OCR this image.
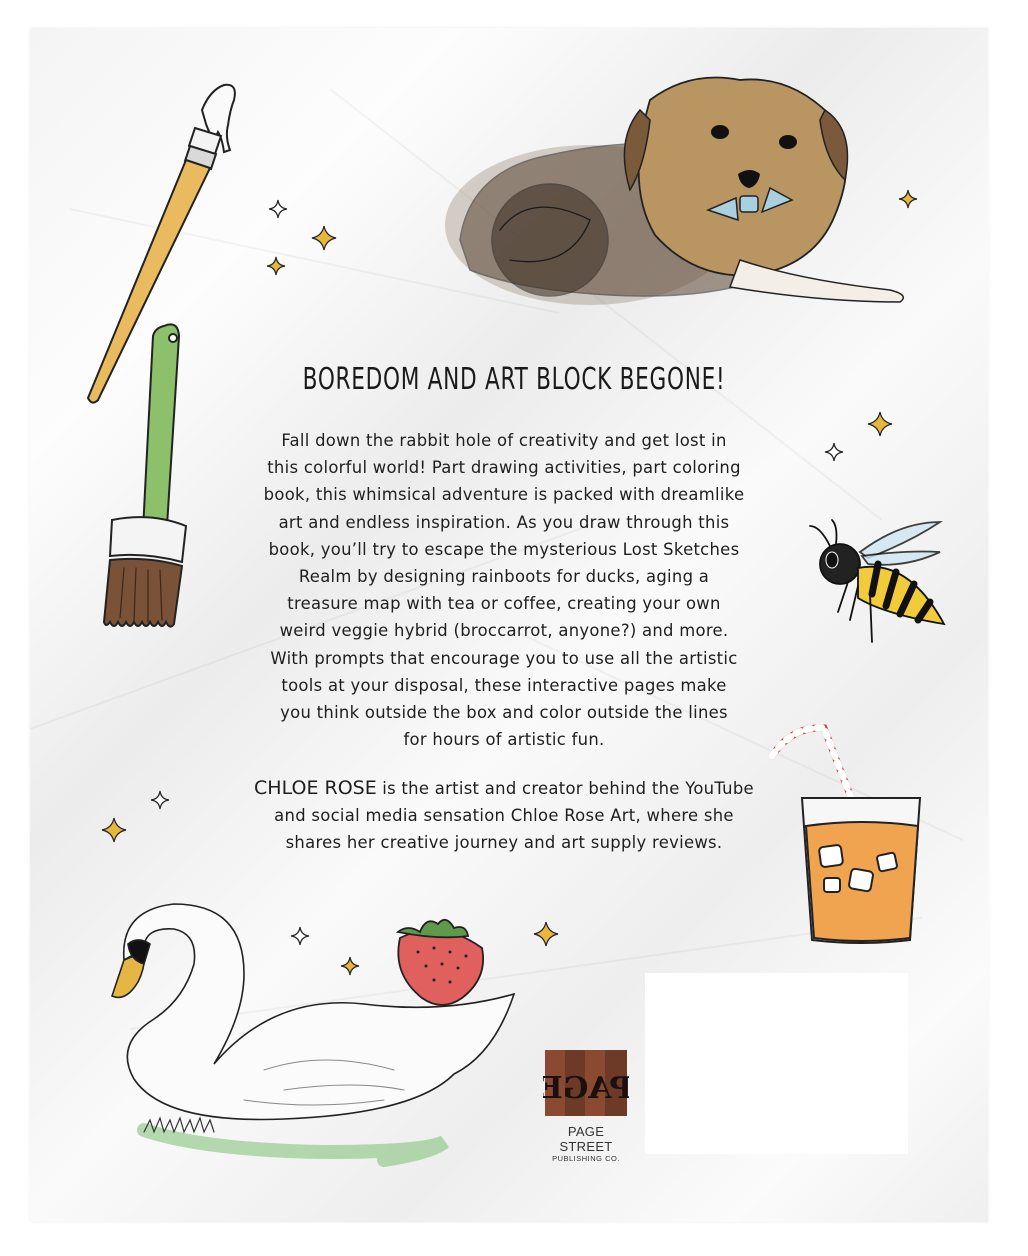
BOREDOM AND ART BLOCK BEGONE!
Fall down the rabbit hole of creativity and get lost in
this colorful world! Part drawing activities, part coloring
book, this whimsical adventure is packed with dreamlike
art and endless inspiration. As you draw through this
book, you’ll try to escape the mysterious Lost Sketches
Realm by designing rainboots for ducks, aging a
treasure map with tea or coffee, creating your own
weird veggie hybrid (broccarrot, anyone?) and more.
With prompts that encourage you to use all the artistic
tools at your disposal, these interactive pages make
you think outside the box and color outside the lines
for hours of artistic fun.
CHLOE ROSE is the artist and creator behind the YouTube
and social media sensation Chloe Rose Art, where she
shares her creative journey and art supply reviews.
PAGE
PAGE STREET
PUBLISHING CO.
